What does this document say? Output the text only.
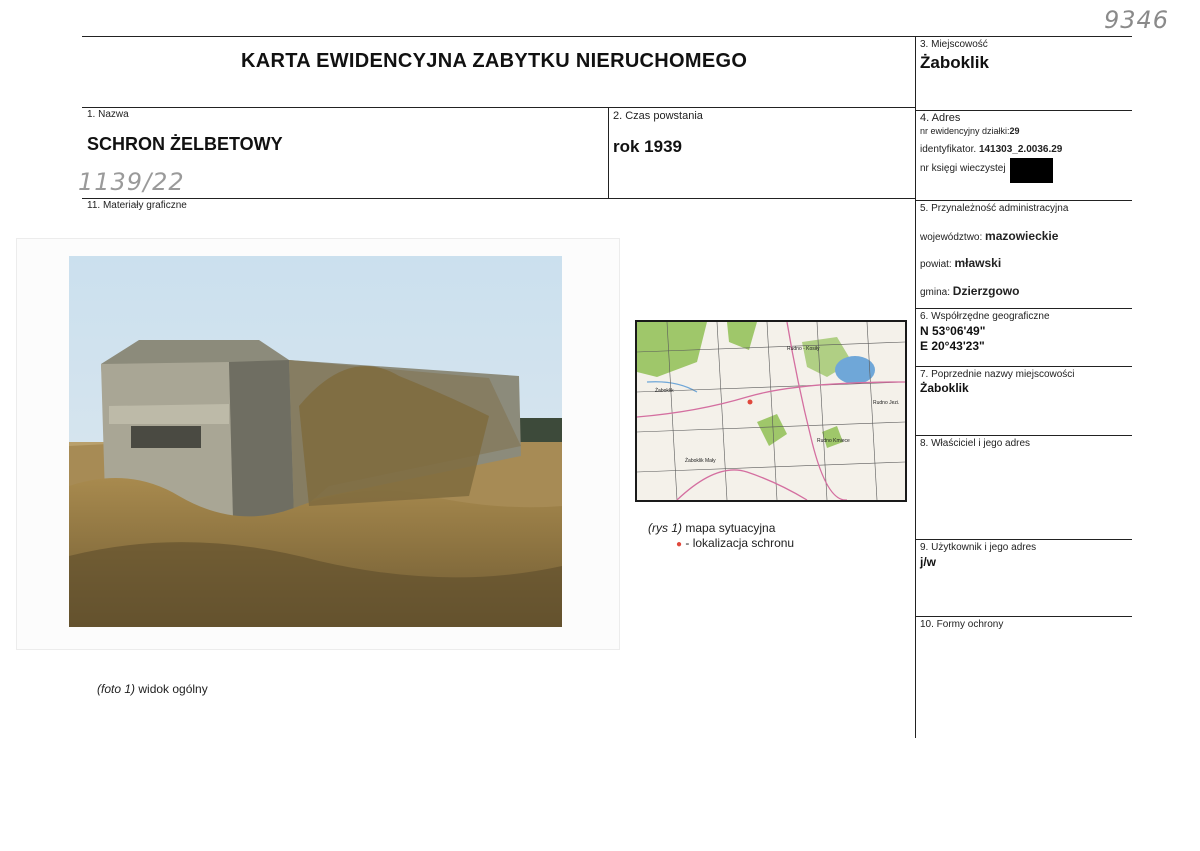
9346
1139/22
KARTA EWIDENCYJNA ZABYTKU NIERUCHOMEGO
3. Miejscowość
Żaboklik
1. Nazwa
SCHRON ŻELBETOWY
2. Czas powstania
rok 1939
4. Adres
nr ewidencyjny działki:29
identyfikator. 141303_2.0036.29
nr księgi wieczystej
11. Materiały graficzne	5. Przynależność administracyjna
województwo: mazowieckie
powiat: mławski
gmina: Dzierzgowo
6. Współrzędne geograficzne
N 53°06'49"
E 20°43'23"
7. Poprzednie nazwy miejscowości
Żaboklik
8. Właściciel i jego adres
9. Użytkownik i jego adres
j/w
10. Formy ochrony
Rudno - Kosiły
Żaboklik
Rudno Jezi.
Rudno Kmiece
Żaboklik Mały
(rys 1) mapa sytuacyjna
● - lokalizacja schronu
(foto 1) widok ogólny
